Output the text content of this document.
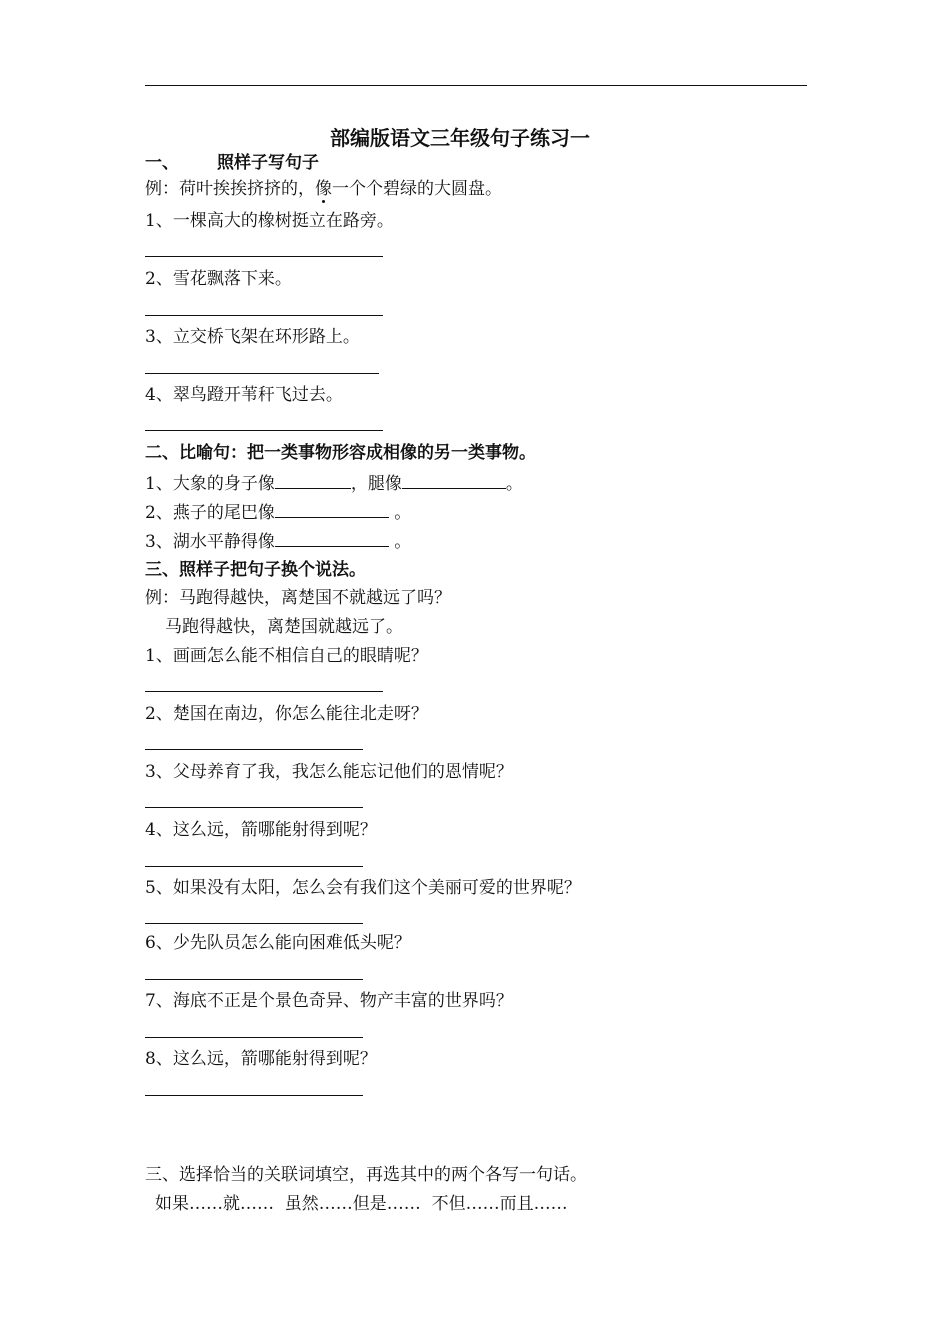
部编版语文三年级句子练习一
一、 照样子写句子
例：荷叶挨挨挤挤的，像一个个碧绿的大圆盘。
1、一棵高大的橡树挺立在路旁。
2、雪花飘落下来。
3、立交桥飞架在环形路上。
4、翠鸟蹬开苇秆飞过去。
二、比喻句：把一类事物形容成相像的另一类事物。
1、大象的身子像	，腿像	。
2、燕子的尾巴像	。
3、湖水平静得像	。
三、照样子把句子换个说法。
例：马跑得越快，离楚国不就越远了吗？
马跑得越快，离楚国就越远了。
1、画画怎么能不相信自己的眼睛呢？
2、楚国在南边，你怎么能往北走呀？
3、父母养育了我，我怎么能忘记他们的恩情呢？
4、这么远，箭哪能射得到呢？
5、如果没有太阳，怎么会有我们这个美丽可爱的世界呢？
6、少先队员怎么能向困难低头呢？
7、海底不正是个景色奇异、物产丰富的世界吗？
8、这么远，箭哪能射得到呢？
三、选择恰当的关联词填空，再选其中的两个各写一句话。
如果……就……  虽然……但是……  不但……而且……
